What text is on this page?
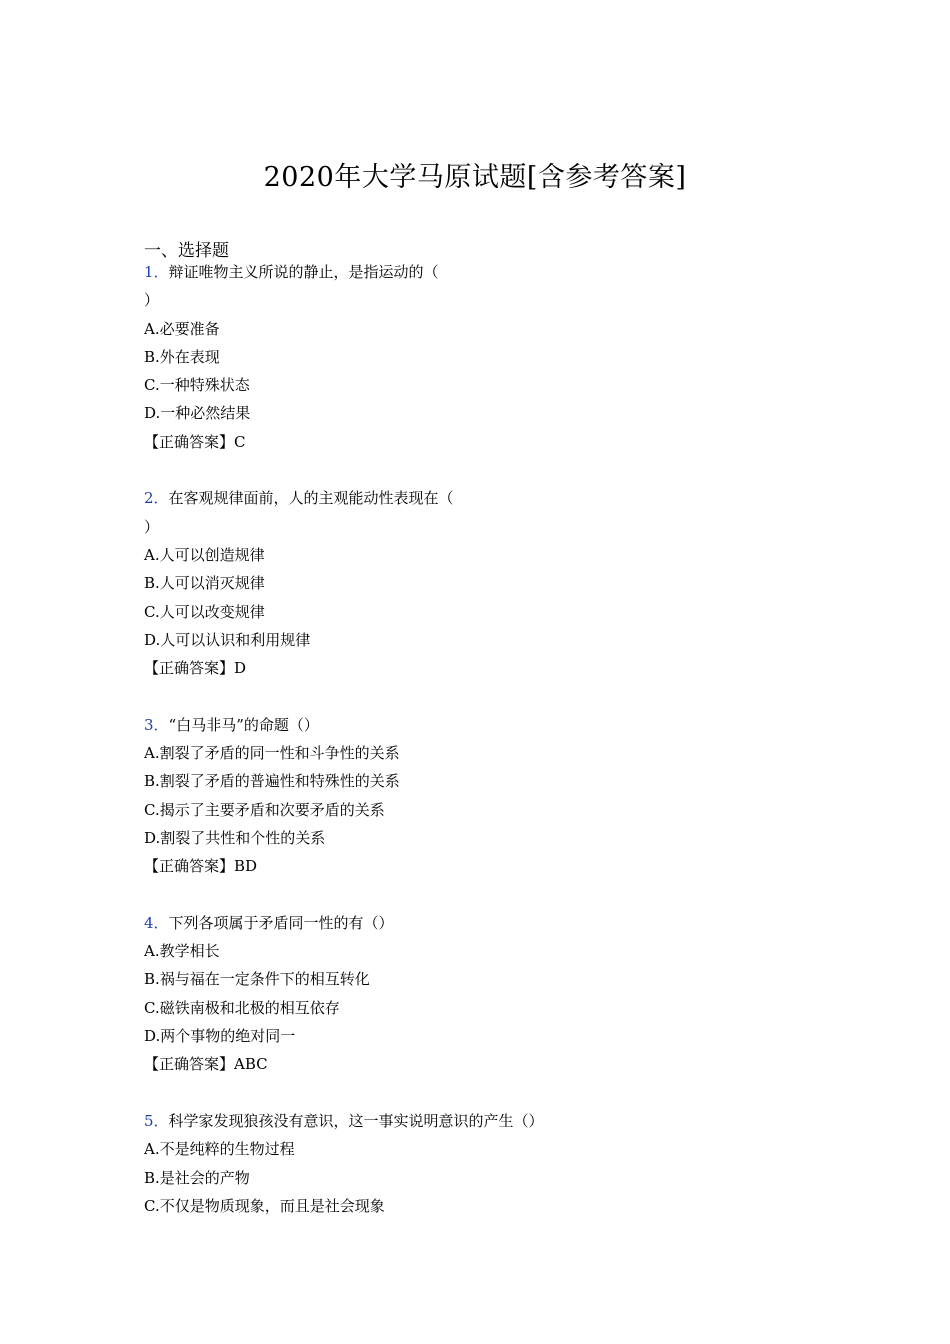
2020年大学马原试题[含参考答案]
一、选择题
1．辩证唯物主义所说的静止，是指运动的（
）
A.必要准备
B.外在表现
C.一种特殊状态
D.一种必然结果
【正确答案】C
2．在客观规律面前，人的主观能动性表现在（
）
A.人可以创造规律
B.人可以消灭规律
C.人可以改变规律
D.人可以认识和利用规律
【正确答案】D
3．“白马非马”的命题（）
A.割裂了矛盾的同一性和斗争性的关系
B.割裂了矛盾的普遍性和特殊性的关系
C.揭示了主要矛盾和次要矛盾的关系
D.割裂了共性和个性的关系
【正确答案】BD
4．下列各项属于矛盾同一性的有（）
A.教学相长
B.祸与福在一定条件下的相互转化
C.磁铁南极和北极的相互依存
D.两个事物的绝对同一
【正确答案】ABC
5．科学家发现狼孩没有意识，这一事实说明意识的产生（）
A.不是纯粹的生物过程
B.是社会的产物
C.不仅是物质现象，而且是社会现象
